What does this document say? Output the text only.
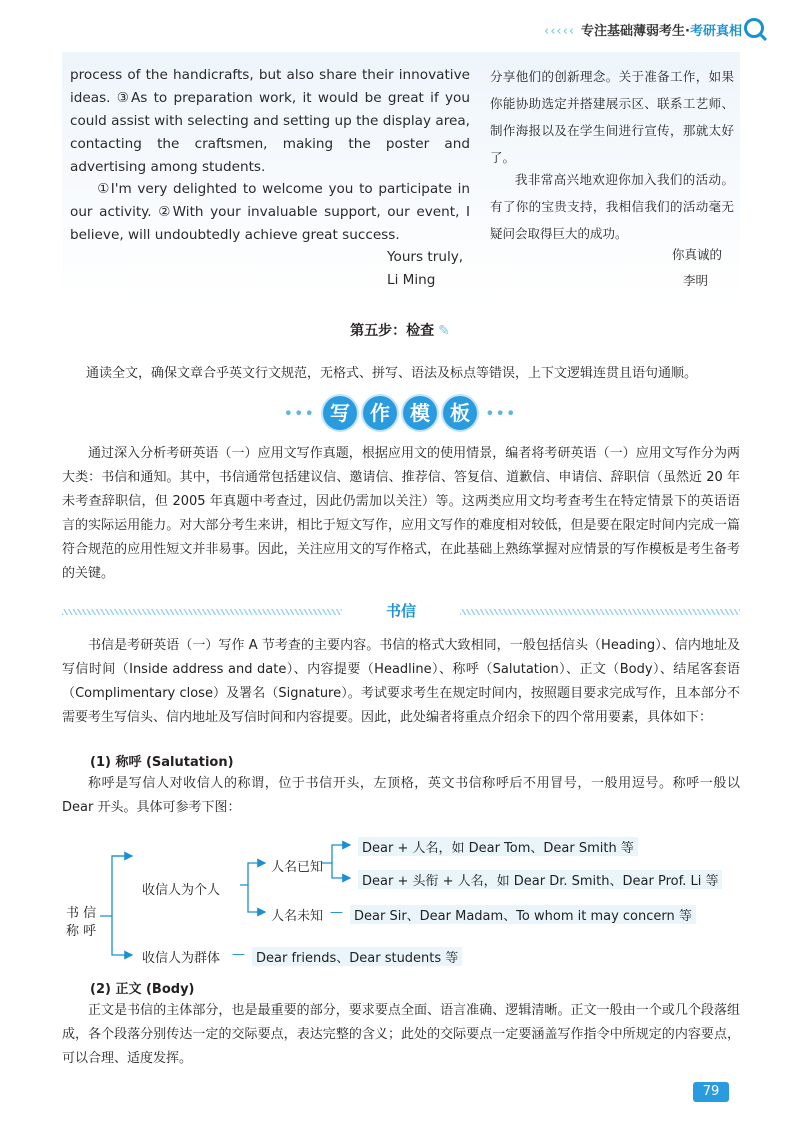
‹‹‹‹‹ 专注基础薄弱考生·考研真相
process of the handicrafts, but also share their innovative ideas. ③As to preparation work, it would be great if you could assist with selecting and setting up the display area, contacting the craftsmen, making the poster and advertising among students.
①I'm very delighted to welcome you to participate in our activity. ②With your invaluable support, our event, I believe, will undoubtedly achieve great success.
Yours truly,
Li Ming
分享他们的创新理念。关于准备工作，如果你能协助选定并搭建展示区、联系工艺师、制作海报以及在学生间进行宣传，那就太好了。
我非常高兴地欢迎你加入我们的活动。有了你的宝贵支持，我相信我们的活动毫无疑问会取得巨大的成功。
你真诚的
李明
第五步：检查 ✎
通读全文，确保文章合乎英文行文规范，无格式、拼写、语法及标点等错误，上下文逻辑连贯且语句通顺。
••• 写 作 模 板 •••
通过深入分析考研英语（一）应用文写作真题，根据应用文的使用情景，编者将考研英语（一）应用文写作分为两大类：书信和通知。其中，书信通常包括建议信、邀请信、推荐信、答复信、道歉信、申请信、辞职信（虽然近 20 年未考查辞职信，但 2005 年真题中考查过，因此仍需加以关注）等。这两类应用文均考查考生在特定情景下的英语语言的实际运用能力。对大部分考生来讲，相比于短文写作，应用文写作的难度相对较低，但是要在限定时间内完成一篇符合规范的应用性短文并非易事。因此，关注应用文的写作格式，在此基础上熟练掌握对应情景的写作模板是考生备考的关键。
书信
书信是考研英语（一）写作 A 节考查的主要内容。书信的格式大致相同，一般包括信头（Heading）、信内地址及写信时间（Inside address and date）、内容提要（Headline）、称呼（Salutation）、正文（Body）、结尾客套语（Complimentary close）及署名（Signature）。考试要求考生在规定时间内，按照题目要求完成写作，且本部分不需要考生写信头、信内地址及写信时间和内容提要。因此，此处编者将重点介绍余下的四个常用要素，具体如下：
(1) 称呼 (Salutation)
称呼是写信人对收信人的称谓，位于书信开头，左顶格，英文书信称呼后不用冒号，一般用逗号。称呼一般以 Dear 开头。具体可参考下图：
书 信
称 呼
收信人为个人
人名已知
Dear + 人名，如 Dear Tom、Dear Smith 等
Dear + 头衔 + 人名，如 Dear Dr. Smith、Dear Prof. Li 等
人名未知 — Dear Sir、Dear Madam、To whom it may concern 等
收信人为群体 — Dear friends、Dear students 等
(2) 正文 (Body)
正文是书信的主体部分，也是最重要的部分，要求要点全面、语言准确、逻辑清晰。正文一般由一个或几个段落组成，各个段落分别传达一定的交际要点，表达完整的含义；此处的交际要点一定要涵盖写作指令中所规定的内容要点，可以合理、适度发挥。
79
